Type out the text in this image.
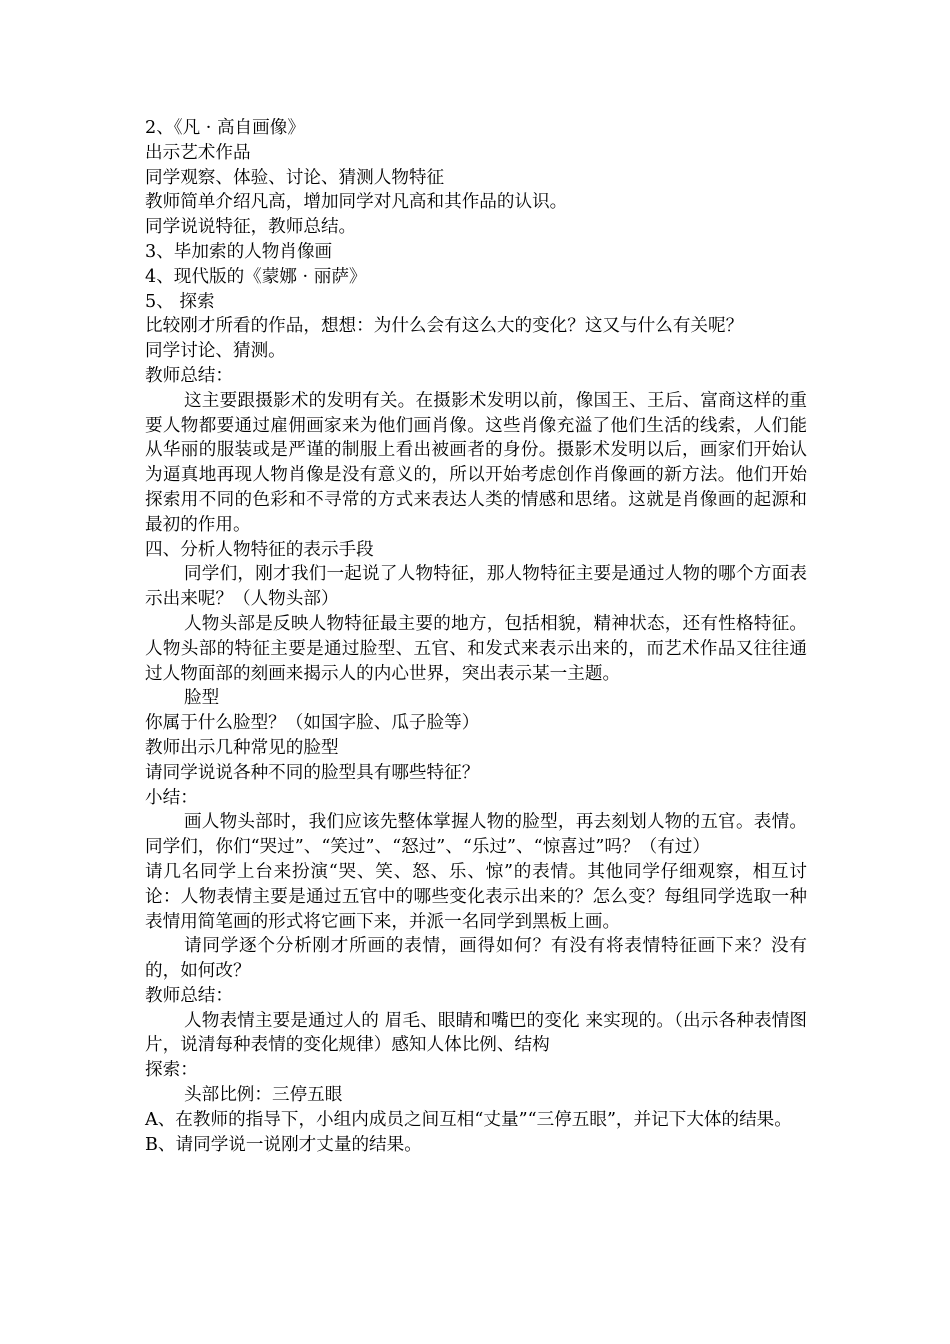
2、《凡 · 高自画像》

出示艺术作品

同学观察、体验、讨论、猜测人物特征

教师简单介绍凡高，增加同学对凡高和其作品的认识。

同学说说特征，教师总结。

3、毕加索的人物肖像画

4、现代版的《蒙娜 · 丽萨》

5、 探索

比较刚才所看的作品，想想：为什么会有这么大的变化？这又与什么有关呢？

同学讨论、猜测。

教师总结：

这主要跟摄影术的发明有关。在摄影术发明以前，像国王、王后、富商这样的重要人物都要通过雇佣画家来为他们画肖像。这些肖像充溢了他们生活的线索，人们能从华丽的服装或是严谨的制服上看出被画者的身份。摄影术发明以后，画家们开始认为逼真地再现人物肖像是没有意义的，所以开始考虑创作肖像画的新方法。他们开始探索用不同的色彩和不寻常的方式来表达人类的情感和思绪。这就是肖像画的起源和最初的作用。

四、分析人物特征的表示手段

同学们，刚才我们一起说了人物特征，那人物特征主要是通过人物的哪个方面表示出来呢？（人物头部）

人物头部是反映人物特征最主要的地方，包括相貌，精神状态，还有性格特征。人物头部的特征主要是通过脸型、五官、和发式来表示出来的，而艺术作品又往往通过人物面部的刻画来揭示人的内心世界，突出表示某一主题。

脸型

你属于什么脸型？（如国字脸、瓜子脸等）

教师出示几种常见的脸型

请同学说说各种不同的脸型具有哪些特征？

小结：

画人物头部时，我们应该先整体掌握人物的脸型，再去刻划人物的五官。表情。同学们，你们“哭过”、“笑过”、“怒过”、“乐过”、“惊喜过”吗？（有过）

请几名同学上台来扮演“哭、笑、怒、乐、惊”的表情。其他同学仔细观察，相互讨论：人物表情主要是通过五官中的哪些变化表示出来的？怎么变？每组同学选取一种表情用简笔画的形式将它画下来，并派一名同学到黑板上画。

请同学逐个分析刚才所画的表情，画得如何？有没有将表情特征画下来？没有的，如何改？

教师总结：

人物表情主要是通过人的 眉毛、眼睛和嘴巴的变化 来实现的。（出示各种表情图片，说清每种表情的变化规律）感知人体比例、结构

探索：

头部比例：三停五眼

A、在教师的指导下，小组内成员之间互相“丈量”“三停五眼”，并记下大体的结果。

B、请同学说一说刚才丈量的结果。
